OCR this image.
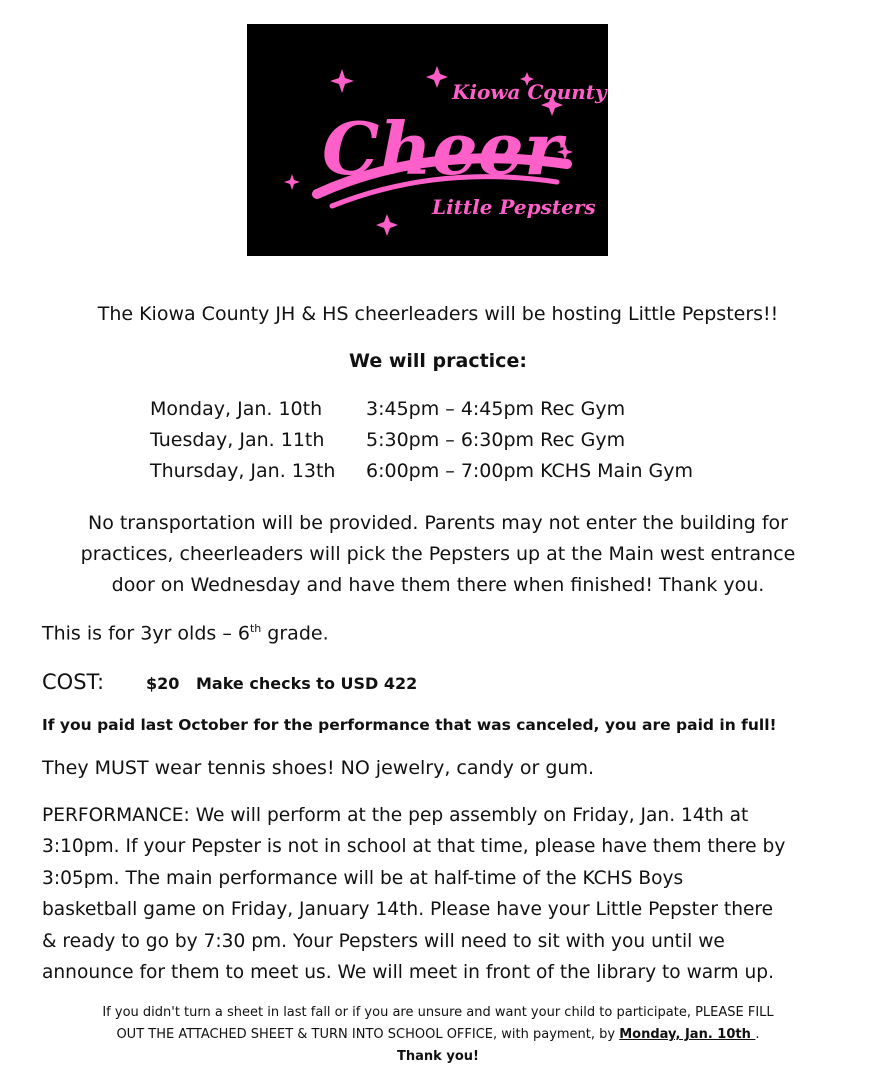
Kiowa County
Cheer
Little Pepsters
The Kiowa County JH & HS cheerleaders will be hosting Little Pepsters!!
We will practice:
Monday, Jan. 10th 3:45pm – 4:45pm Rec Gym
Tuesday, Jan. 11th 5:30pm – 6:30pm Rec Gym
Thursday, Jan. 13th 6:00pm – 7:00pm KCHS Main Gym
No transportation will be provided. Parents may not enter the building for
practices, cheerleaders will pick the Pepsters up at the Main west entrance
door on Wednesday and have them there when finished! Thank you.
This is for 3yr olds – 6th grade.
COST:	$20 Make checks to USD 422
If you paid last October for the performance that was canceled, you are paid in full!
They MUST wear tennis shoes! NO jewelry, candy or gum.
PERFORMANCE: We will perform at the pep assembly on Friday, Jan. 14th at
3:10pm. If your Pepster is not in school at that time, please have them there by
3:05pm. The main performance will be at half-time of the KCHS Boys
basketball game on Friday, January 14th. Please have your Little Pepster there
& ready to go by 7:30 pm. Your Pepsters will need to sit with you until we
announce for them to meet us. We will meet in front of the library to warm up.
If you didn't turn a sheet in last fall or if you are unsure and want your child to participate, PLEASE FILL
OUT THE ATTACHED SHEET & TURN INTO SCHOOL OFFICE, with payment, by Monday, Jan. 10th .
Thank you!
